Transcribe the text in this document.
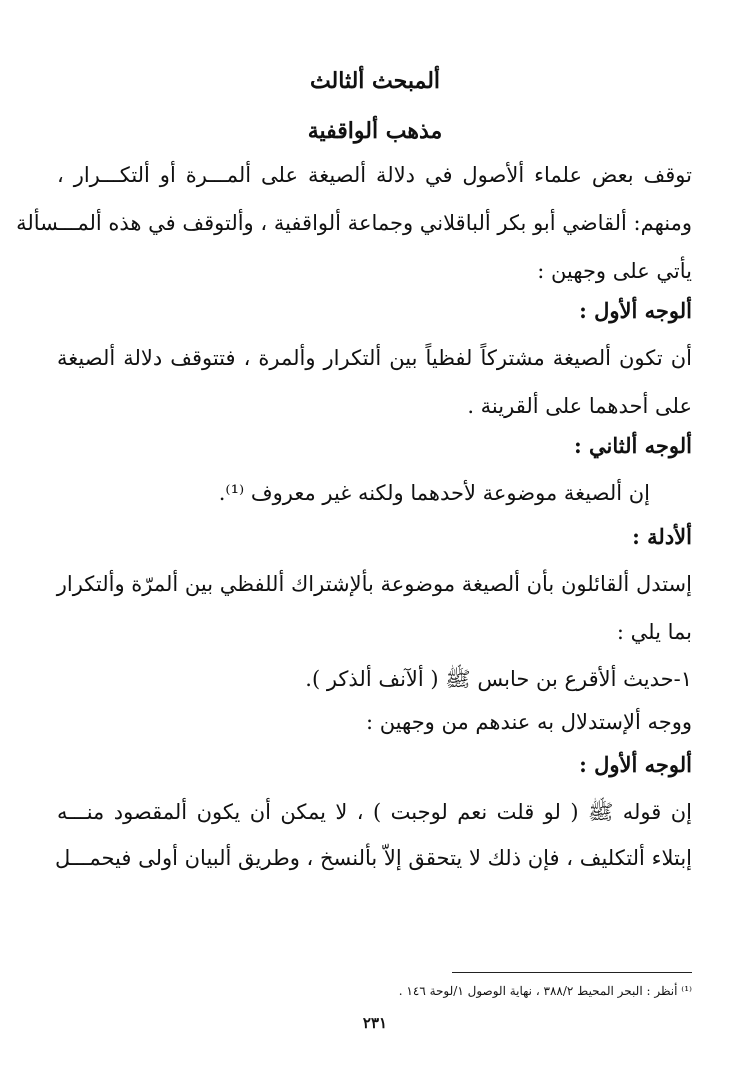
ألمبحث ألثالث
مذهب ألواقفية
توقف بعض علماء ألأصول في دلالة ألصيغة على ألمـــرة أو ألتكـــرار ،
ومنهم: ألقاضي أبو بكر ألباقلاني وجماعة ألواقفية ، وألتوقف في هذه ألمـــسألة
يأتي على وجهين :
ألوجه ألأول :
أن تكون ألصيغة مشتركاً لفظياً بين ألتكرار وألمرة ، فتتوقف دلالة ألصيغة
على أحدهما على ألقرينة .
ألوجه ألثاني :
إن ألصيغة موضوعة لأحدهما ولكنه غير معروف ⁽¹⁾.
ألأدلة :
إستدل ألقائلون بأن ألصيغة موضوعة بألإشتراك أللفظي بين ألمرّة وألتكرار
بما يلي :
١-حديث ألأقرع بن حابس ﷺ ( ألآنف ألذكر ).
ووجه ألإستدلال به عندهم من وجهين :
ألوجه ألأول :
إن قوله ﷺ ( لو قلت نعم لوجبت ) ، لا يمكن أن يكون ألمقصود منـــه
إبتلاء ألتكليف ، فإن ذلك لا يتحقق إلاّ بألنسخ ، وطريق ألبيان أولى فيحمـــل
⁽¹⁾ أنظر : البحر المحيط ٣٨٨/٢ ، نهاية الوصول ١/لوحة ١٤٦ .
٢٣١
